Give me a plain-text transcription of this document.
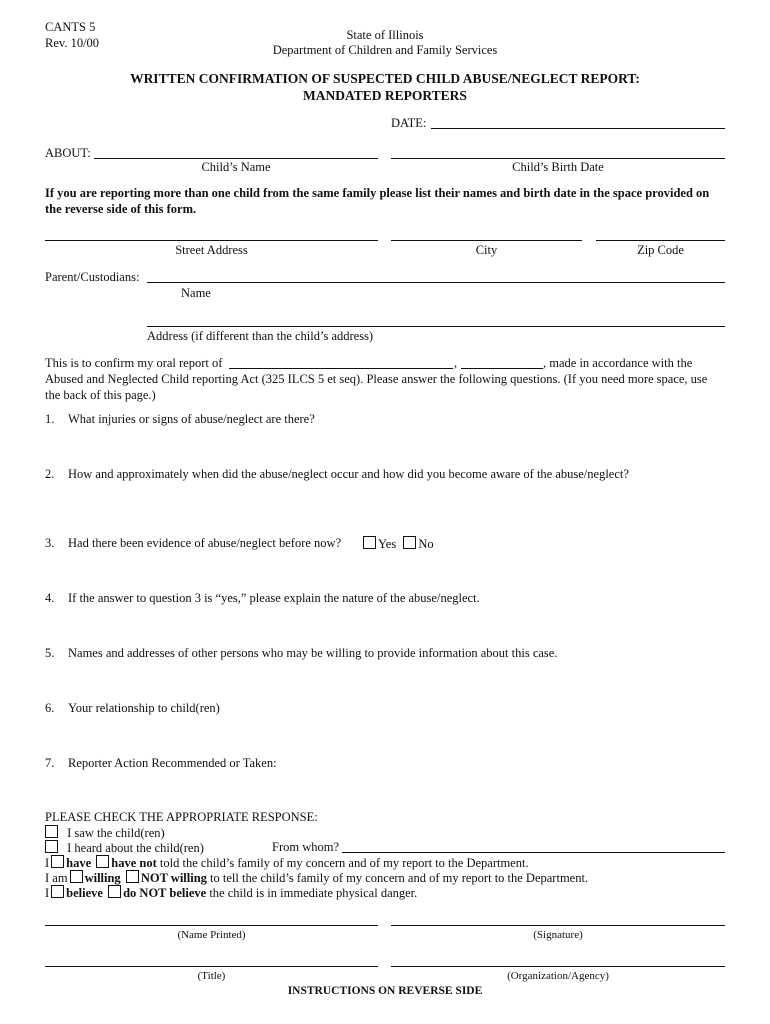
CANTS 5
Rev. 10/00
State of Illinois
Department of Children and Family Services
WRITTEN CONFIRMATION OF SUSPECTED CHILD ABUSE/NEGLECT REPORT:
MANDATED REPORTERS
DATE:
ABOUT:
Child’s Name	Child’s Birth Date
If you are reporting more than one child from the same family please list their names and birth date in the space provided on the reverse side of this form.
Street Address	City	Zip Code
Parent/Custodians:
Name
Address (if different than the child’s address)
This is to confirm my oral report of	,	, made in accordance with the
Abused and Neglected Child reporting Act (325 ILCS 5 et seq). Please answer the following questions. (If you need more space, use
the back of this page.)
1. What injuries or signs of abuse/neglect are there?
2. How and approximately when did the abuse/neglect occur and how did you become aware of the abuse/neglect?
3. Had there been evidence of abuse/neglect before now?	Yes No
4. If the answer to question 3 is “yes,” please explain the nature of the abuse/neglect.
5. Names and addresses of other persons who may be willing to provide information about this case.
6. Your relationship to child(ren)
7. Reporter Action Recommended or Taken:
PLEASE CHECK THE APPROPRIATE RESPONSE:
I saw the child(ren)
I heard about the child(ren)	From whom?
I have have not told the child’s family of my concern and of my report to the Department.
I am willing NOT willing to tell the child’s family of my concern and of my report to the Department.
I believe do NOT believe the child is in immediate physical danger.
(Name Printed)	(Signature)
(Title)	(Organization/Agency)
INSTRUCTIONS ON REVERSE SIDE
